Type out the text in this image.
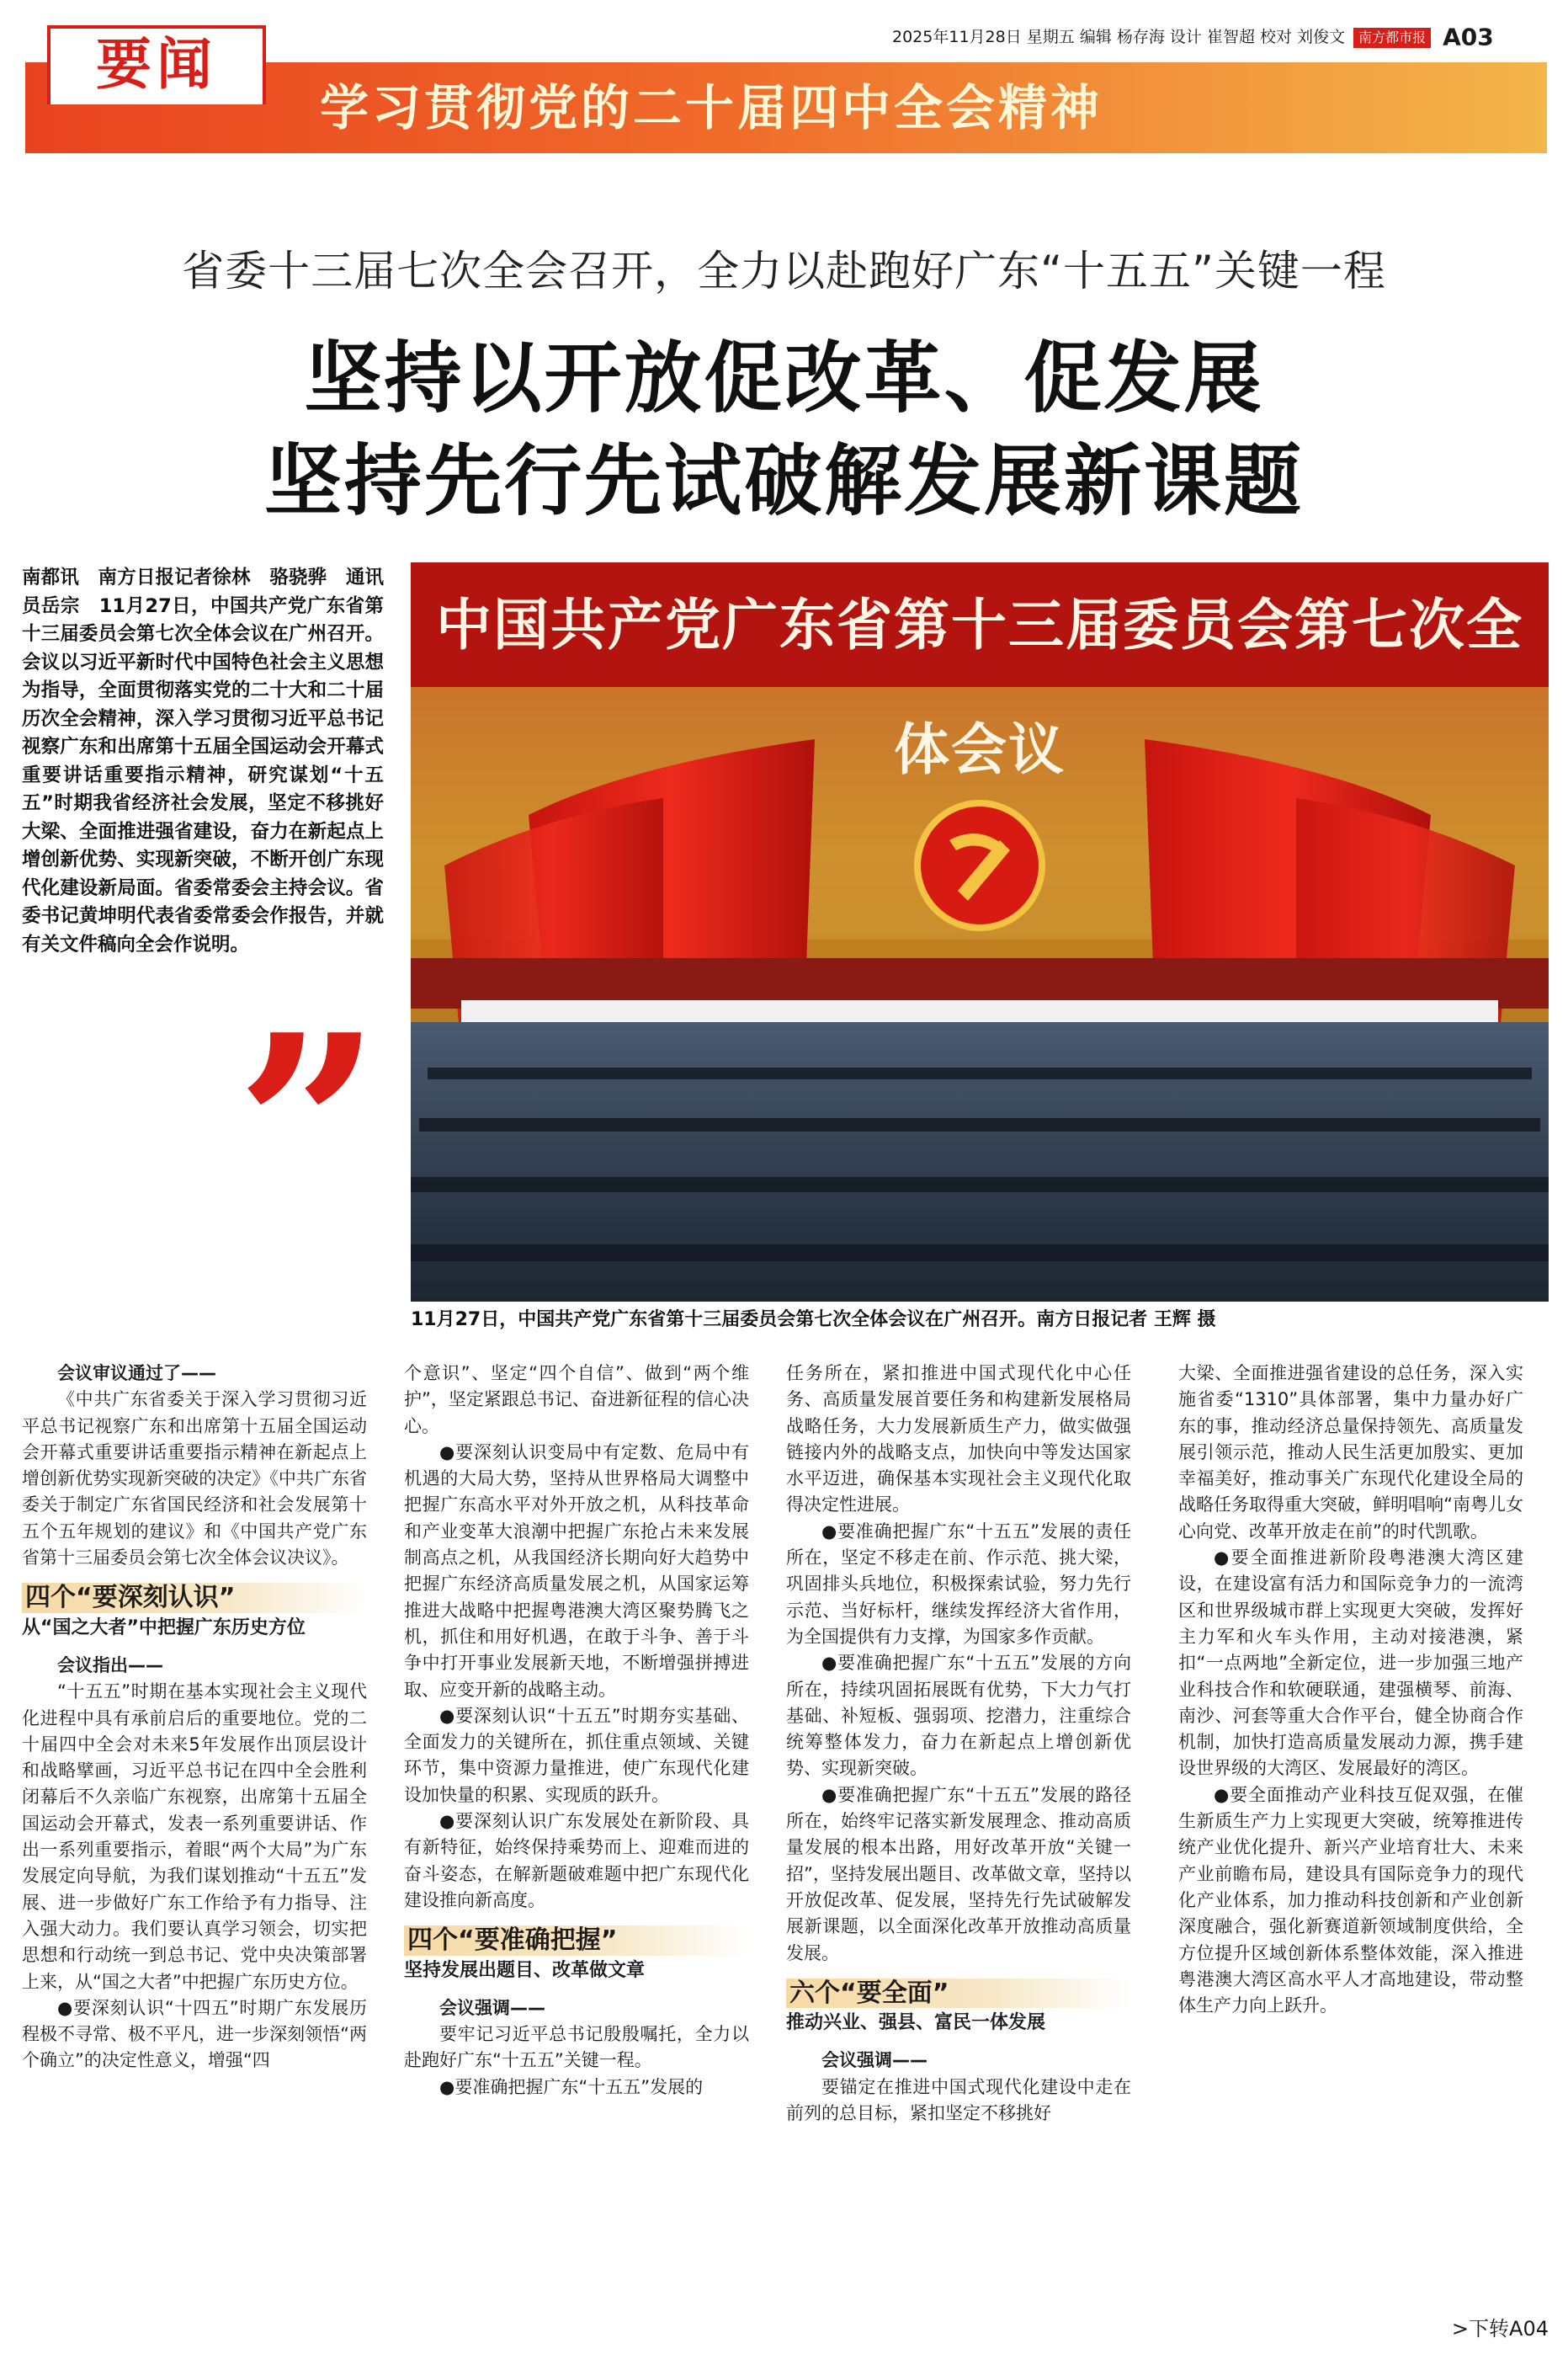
2025年11月28日 星期五 编辑 杨存海 设计 崔智超 校对 刘俊文 南方都市报 A03
要闻
学习贯彻党的二十届四中全会精神
省委十三届七次全会召开，全力以赴跑好广东“十五五”关键一程
坚持以开放促改革、促发展
坚持先行先试破解发展新课题
南都讯　南方日报记者徐林　骆骁骅　通讯员岳宗　11月27日，中国共产党广东省第十三届委员会第七次全体会议在广州召开。会议以习近平新时代中国特色社会主义思想为指导，全面贯彻落实党的二十大和二十届历次全会精神，深入学习贯彻习近平总书记视察广东和出席第十五届全国运动会开幕式重要讲话重要指示精神，研究谋划“十五五”时期我省经济社会发展，坚定不移挑好大梁、全面推进强省建设，奋力在新起点上增创新优势、实现新突破，不断开创广东现代化建设新局面。省委常委会主持会议。省委书记黄坤明代表省委常委会作报告，并就有关文件稿向全会作说明。
”
中国共产党广东省第十三届委员会第七次全体会议
11月27日，中国共产党广东省第十三届委员会第七次全体会议在广州召开。南方日报记者 王辉 摄

会议审议通过了——

《中共广东省委关于深入学习贯彻习近平总书记视察广东和出席第十五届全国运动会开幕式重要讲话重要指示精神在新起点上增创新优势实现新突破的决定》《中共广东省委关于制定广东省国民经济和社会发展第十五个五年规划的建议》和《中国共产党广东省第十三届委员会第七次全体会议决议》。

四个“要深刻认识”
从“国之大者”中把握广东历史方位

会议指出——

“十五五”时期在基本实现社会主义现代化进程中具有承前启后的重要地位。党的二十届四中全会对未来5年发展作出顶层设计和战略擘画，习近平总书记在四中全会胜利闭幕后不久亲临广东视察，出席第十五届全国运动会开幕式，发表一系列重要讲话、作出一系列重要指示，着眼“两个大局”为广东发展定向导航，为我们谋划推动“十五五”发展、进一步做好广东工作给予有力指导、注入强大动力。我们要认真学习领会，切实把思想和行动统一到总书记、党中央决策部署上来，从“国之大者”中把握广东历史方位。

●要深刻认识“十四五”时期广东发展历程极不寻常、极不平凡，进一步深刻领悟“两个确立”的决定性意义，增强“四

个意识”、坚定“四个自信”、做到“两个维护”，坚定紧跟总书记、奋进新征程的信心决心。

●要深刻认识变局中有定数、危局中有机遇的大局大势，坚持从世界格局大调整中把握广东高水平对外开放之机，从科技革命和产业变革大浪潮中把握广东抢占未来发展制高点之机，从我国经济长期向好大趋势中把握广东经济高质量发展之机，从国家运筹推进大战略中把握粤港澳大湾区聚势腾飞之机，抓住和用好机遇，在敢于斗争、善于斗争中打开事业发展新天地，不断增强拼搏进取、应变开新的战略主动。

●要深刻认识“十五五”时期夯实基础、全面发力的关键所在，抓住重点领域、关键环节，集中资源力量推进，使广东现代化建设加快量的积累、实现质的跃升。

●要深刻认识广东发展处在新阶段、具有新特征，始终保持乘势而上、迎难而进的奋斗姿态，在解新题破难题中把广东现代化建设推向新高度。

四个“要准确把握”
坚持发展出题目、改革做文章

会议强调——

要牢记习近平总书记殷殷嘱托，全力以赴跑好广东“十五五”关键一程。

●要准确把握广东“十五五”发展的

任务所在，紧扣推进中国式现代化中心任务、高质量发展首要任务和构建新发展格局战略任务，大力发展新质生产力，做实做强链接内外的战略支点，加快向中等发达国家水平迈进，确保基本实现社会主义现代化取得决定性进展。

●要准确把握广东“十五五”发展的责任所在，坚定不移走在前、作示范、挑大梁，巩固排头兵地位，积极探索试验，努力先行示范、当好标杆，继续发挥经济大省作用，为全国提供有力支撑，为国家多作贡献。

●要准确把握广东“十五五”发展的方向所在，持续巩固拓展既有优势，下大力气打基础、补短板、强弱项、挖潜力，注重综合统筹整体发力，奋力在新起点上增创新优势、实现新突破。

●要准确把握广东“十五五”发展的路径所在，始终牢记落实新发展理念、推动高质量发展的根本出路，用好改革开放“关键一招”，坚持发展出题目、改革做文章，坚持以开放促改革、促发展，坚持先行先试破解发展新课题，以全面深化改革开放推动高质量发展。

六个“要全面”
推动兴业、强县、富民一体发展

会议强调——

要锚定在推进中国式现代化建设中走在前列的总目标，紧扣坚定不移挑好

大梁、全面推进强省建设的总任务，深入实施省委“1310”具体部署，集中力量办好广东的事，推动经济总量保持领先、高质量发展引领示范，推动人民生活更加殷实、更加幸福美好，推动事关广东现代化建设全局的战略任务取得重大突破，鲜明唱响“南粤儿女心向党、改革开放走在前”的时代凯歌。

●要全面推进新阶段粤港澳大湾区建设，在建设富有活力和国际竞争力的一流湾区和世界级城市群上实现更大突破，发挥好主力军和火车头作用，主动对接港澳，紧扣“一点两地”全新定位，进一步加强三地产业科技合作和软硬联通，建强横琴、前海、南沙、河套等重大合作平台，健全协商合作机制，加快打造高质量发展动力源，携手建设世界级的大湾区、发展最好的湾区。

●要全面推动产业科技互促双强，在催生新质生产力上实现更大突破，统筹推进传统产业优化提升、新兴产业培育壮大、未来产业前瞻布局，建设具有国际竞争力的现代化产业体系，加力推动科技创新和产业创新深度融合，强化新赛道新领域制度供给，全方位提升区域创新体系整体效能，深入推进粤港澳大湾区高水平人才高地建设，带动整体生产力向上跃升。

>下转A04
